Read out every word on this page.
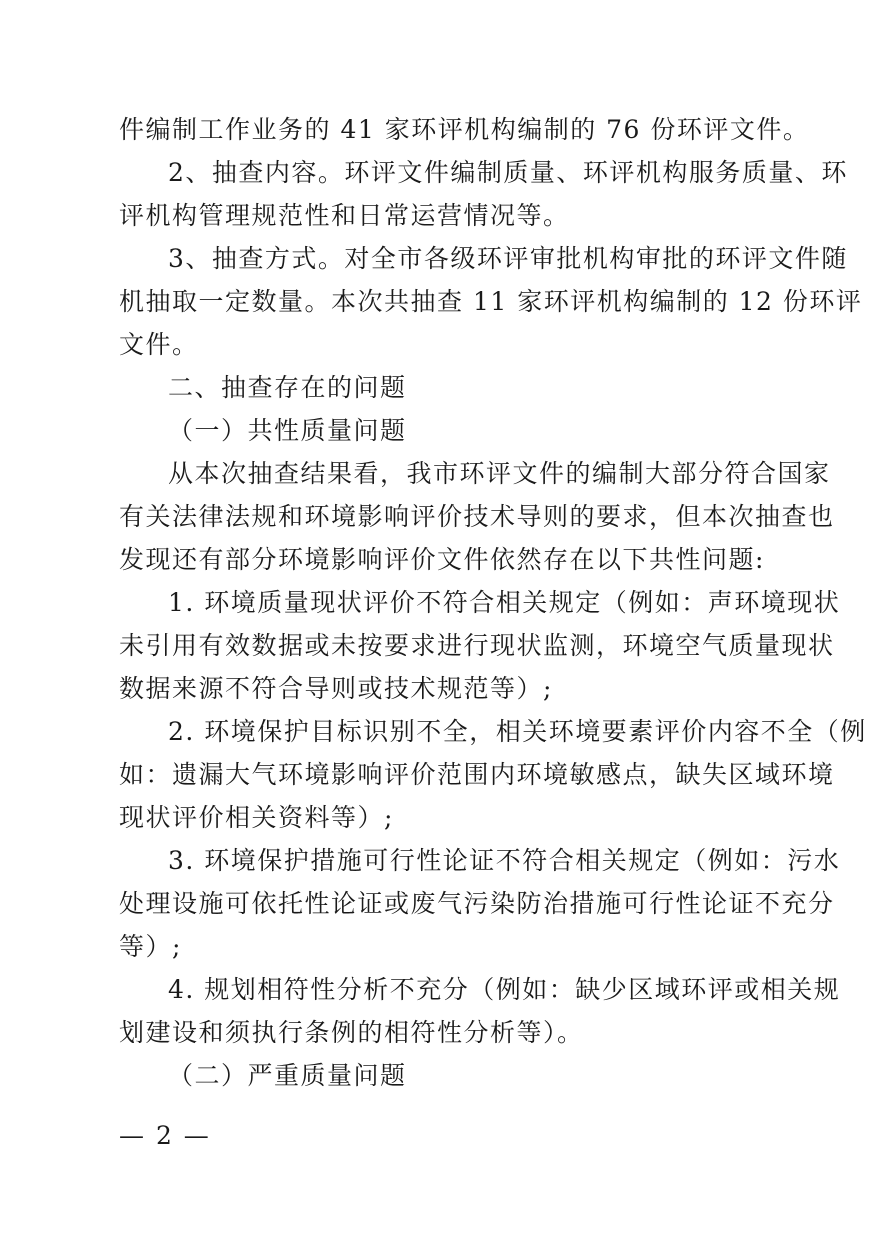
件编制工作业务的 41 家环评机构编制的 76 份环评文件。
2、抽查内容。环评文件编制质量、环评机构服务质量、环
评机构管理规范性和日常运营情况等。
3、抽查方式。对全市各级环评审批机构审批的环评文件随
机抽取一定数量。本次共抽查 11 家环评机构编制的 12 份环评
文件。
二、抽查存在的问题
（一）共性质量问题
从本次抽查结果看，我市环评文件的编制大部分符合国家
有关法律法规和环境影响评价技术导则的要求，但本次抽查也
发现还有部分环境影响评价文件依然存在以下共性问题:
1. 环境质量现状评价不符合相关规定（例如：声环境现状
未引用有效数据或未按要求进行现状监测，环境空气质量现状
数据来源不符合导则或技术规范等）;
2. 环境保护目标识别不全，相关环境要素评价内容不全（例
如：遗漏大气环境影响评价范围内环境敏感点，缺失区域环境
现状评价相关资料等）;
3. 环境保护措施可行性论证不符合相关规定（例如：污水
处理设施可依托性论证或废气污染防治措施可行性论证不充分
等）;
4. 规划相符性分析不充分（例如：缺少区域环评或相关规
划建设和须执行条例的相符性分析等）。
（二）严重质量问题
— 2 —
